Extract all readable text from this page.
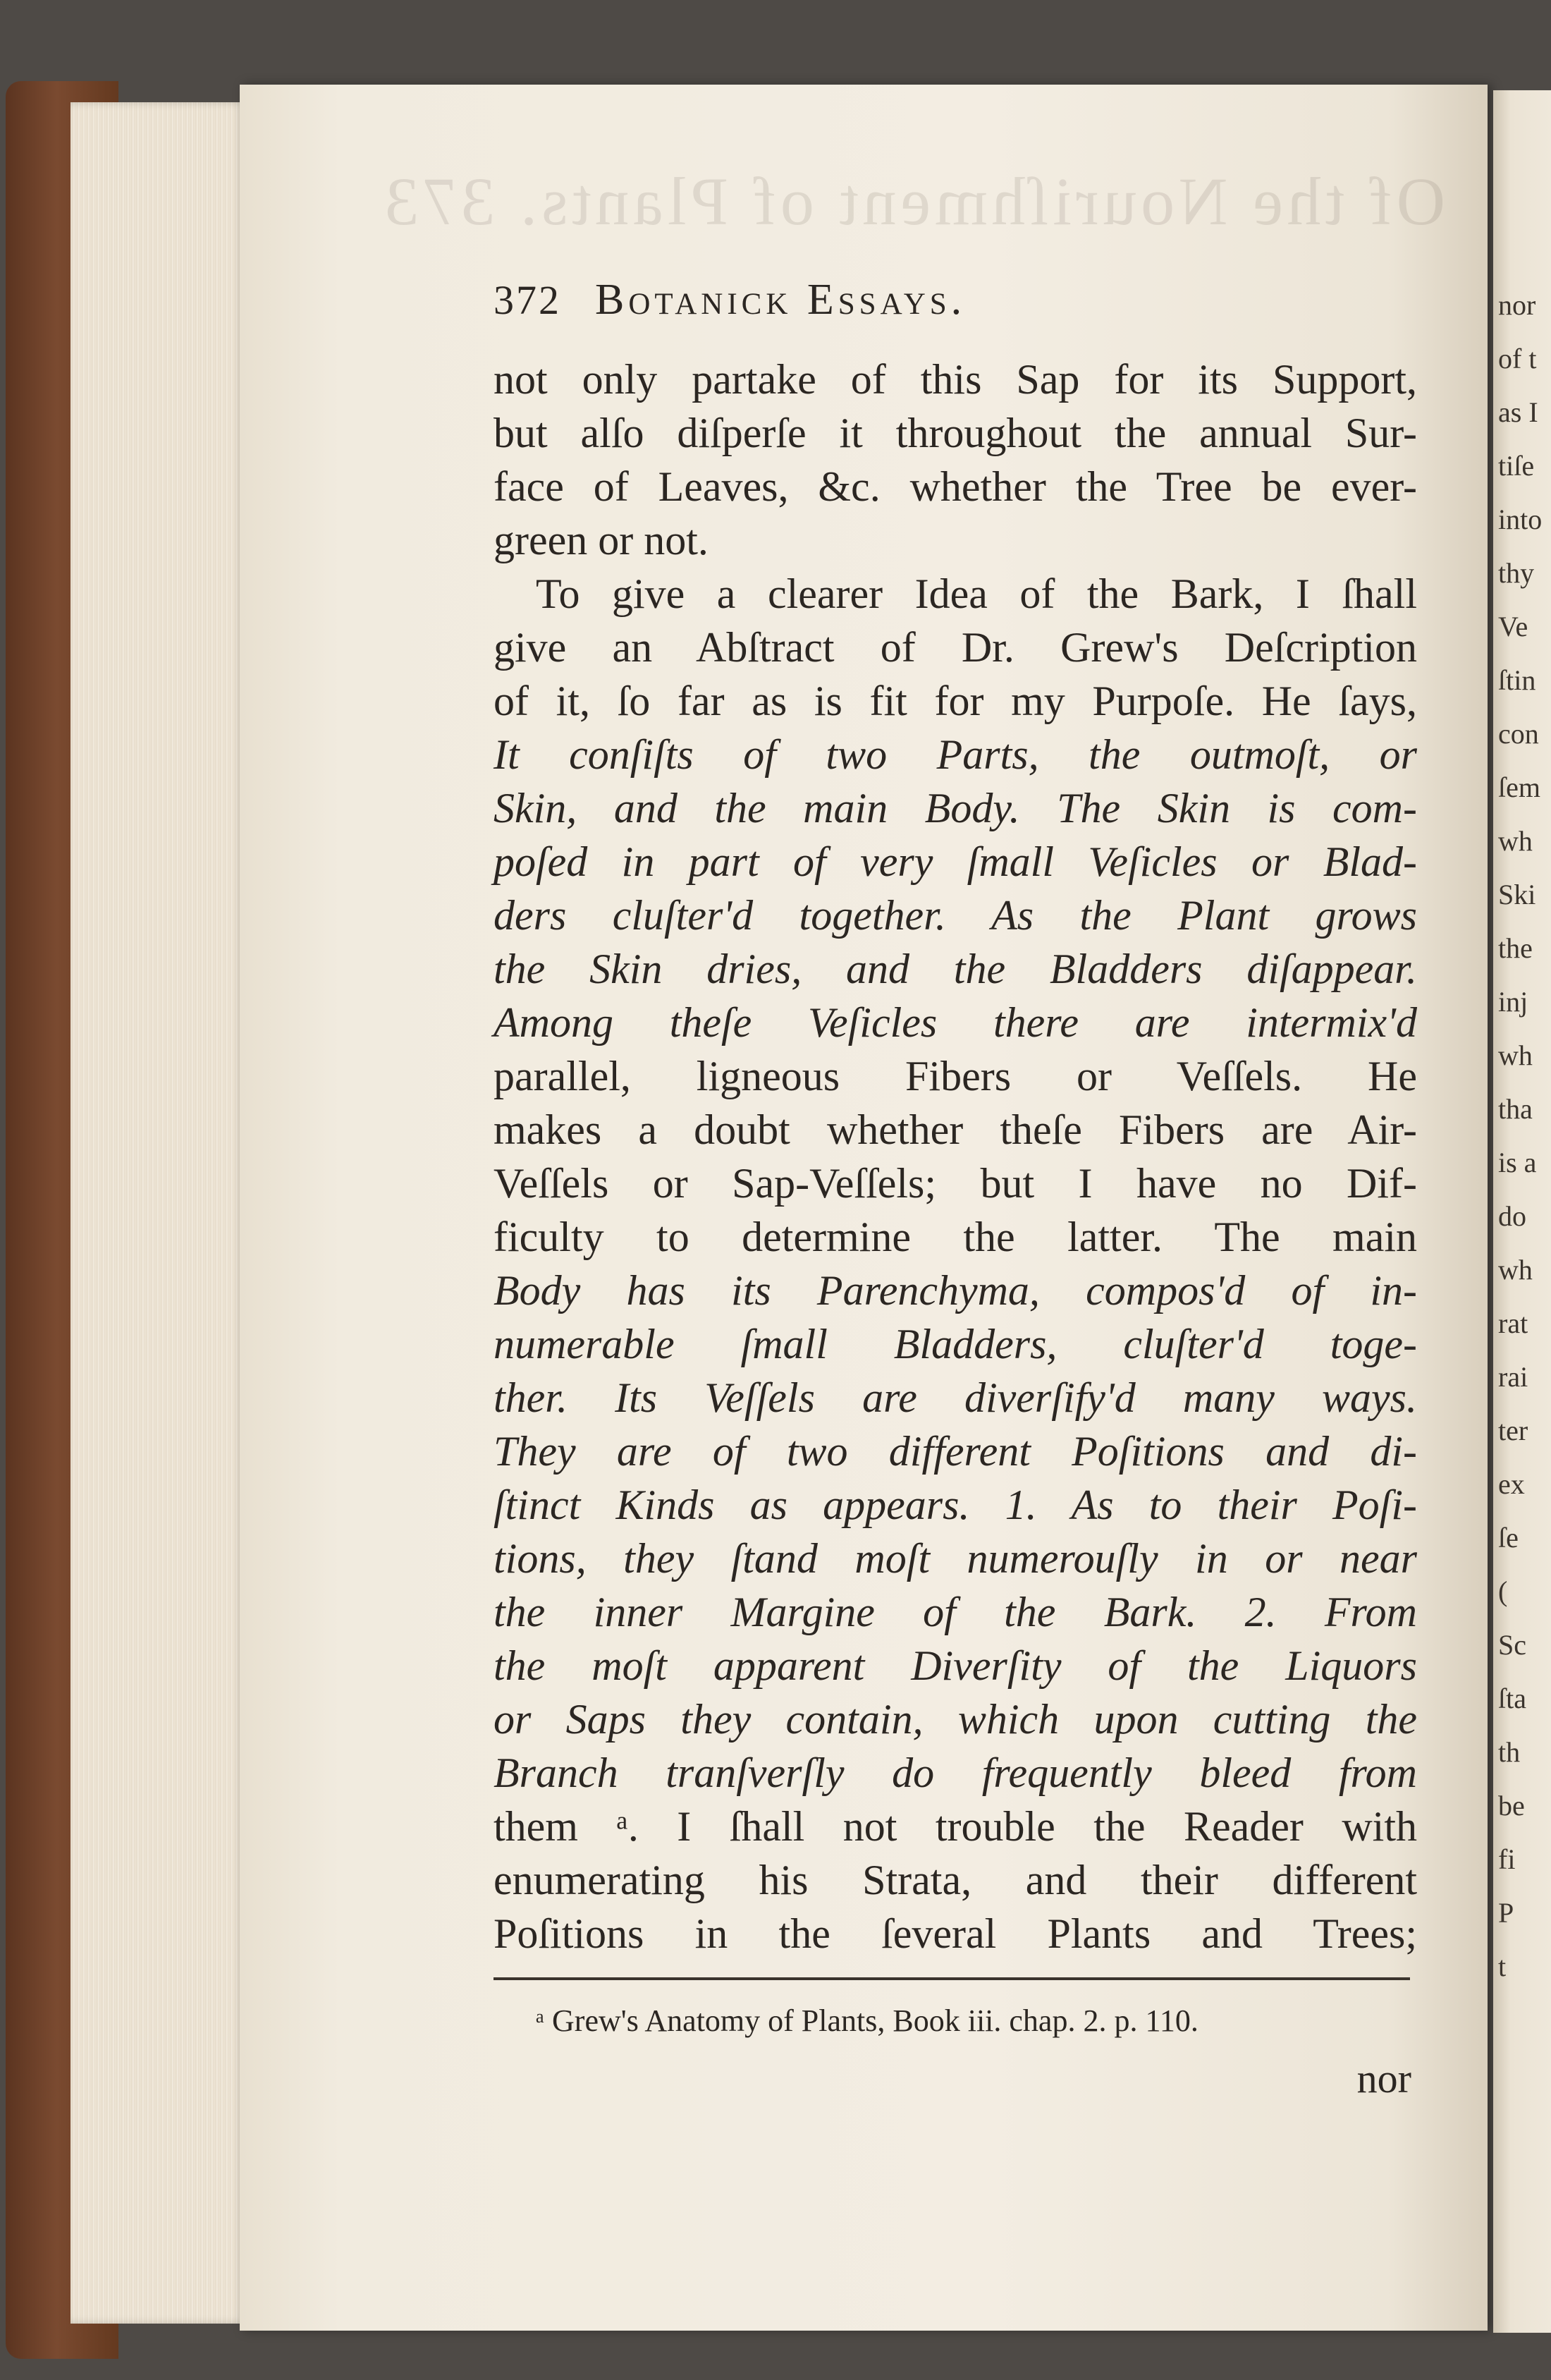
372 Botanick Essays.
not only partake of this Sap for its Support,
but alſo diſperſe it throughout the annual Sur-
face of Leaves, &c. whether the Tree be ever-
green or not.
To give a clearer Idea of the Bark, I ſhall
give an Abſtract of Dr. Grew's Deſcription
of it, ſo far as is fit for my Purpoſe. He ſays,
It conſiſts of two Parts, the outmoſt, or
Skin, and the main Body. The Skin is com-
poſed in part of very ſmall Veſicles or Blad-
ders cluſter'd together. As the Plant grows
the Skin dries, and the Bladders diſappear.
Among theſe Veſicles there are intermix'd
parallel, ligneous Fibers or Veſſels. He
makes a doubt whether theſe Fibers are Air-
Veſſels or Sap-Veſſels; but I have no Dif-
ficulty to determine the latter. The main
Body has its Parenchyma, compos'd of in-
numerable ſmall Bladders, cluſter'd toge-
ther. Its Veſſels are diverſify'd many ways.
They are of two different Poſitions and di-
ſtinct Kinds as appears. 1. As to their Poſi-
tions, they ſtand moſt numerouſly in or near
the inner Margine of the Bark. 2. From
the moſt apparent Diverſity of the Liquors
or Saps they contain, which upon cutting the
Branch tranſverſly do frequently bleed from
them ᵃ. I ſhall not trouble the Reader with
enumerating his Strata, and their different
Poſitions in the ſeveral Plants and Trees;
ᵃ Grew's Anatomy of Plants, Book iii. chap. 2. p. 110.
nor
nor
of t
as I
tiſe
into
thy
Ve
ſtin
con
ſem
wh
Ski
the
inj
wh
tha
is a
do
wh
rat
rai
ter
ex
ſe
(
Sc
ſta
th
be
fi
P
t
